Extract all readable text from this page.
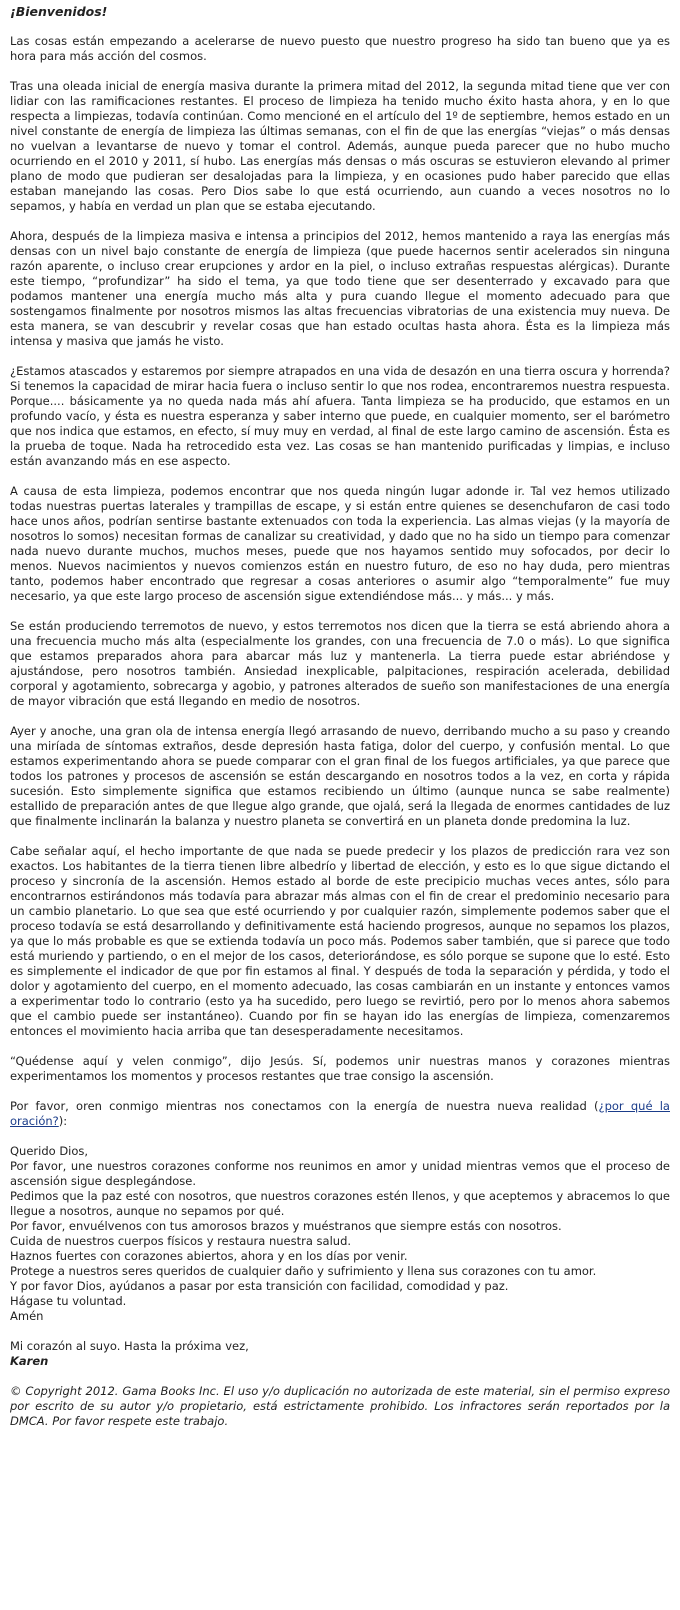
¡Bienvenidos!

Las cosas están empezando a acelerarse de nuevo puesto que nuestro progreso ha sido tan bueno que ya es hora para más acción del cosmos.

Tras una oleada inicial de energía masiva durante la primera mitad del 2012, la segunda mitad tiene que ver con lidiar con las ramificaciones restantes. El proceso de limpieza ha tenido mucho éxito hasta ahora, y en lo que respecta a limpiezas, todavía continúan. Como mencioné en el artículo del 1º de septiembre, hemos estado en un nivel constante de energía de limpieza las últimas semanas, con el fin de que las energías “viejas” o más densas no vuelvan a levantarse de nuevo y tomar el control. Además, aunque pueda parecer que no hubo mucho ocurriendo en el 2010 y 2011, sí hubo. Las energías más densas o más oscuras se estuvieron elevando al primer plano de modo que pudieran ser desalojadas para la limpieza, y en ocasiones pudo haber parecido que ellas estaban manejando las cosas. Pero Dios sabe lo que está ocurriendo, aun cuando a veces nosotros no lo sepamos, y había en verdad un plan que se estaba ejecutando.

Ahora, después de la limpieza masiva e intensa a principios del 2012, hemos mantenido a raya las energías más densas con un nivel bajo constante de energía de limpieza (que puede hacernos sentir acelerados sin ninguna razón aparente, o incluso crear erupciones y ardor en la piel, o incluso extrañas respuestas alérgicas). Durante este tiempo, “profundizar” ha sido el tema, ya que todo tiene que ser desenterrado y excavado para que podamos mantener una energía mucho más alta y pura cuando llegue el momento adecuado para que sostengamos finalmente por nosotros mismos las altas frecuencias vibratorias de una existencia muy nueva. De esta manera, se van descubrir y revelar cosas que han estado ocultas hasta ahora. Ésta es la limpieza más intensa y masiva que jamás he visto.

¿Estamos atascados y estaremos por siempre atrapados en una vida de desazón en una tierra oscura y horrenda? Si tenemos la capacidad de mirar hacia fuera o incluso sentir lo que nos rodea, encontraremos nuestra respuesta. Porque.... básicamente ya no queda nada más ahí afuera. Tanta limpieza se ha producido, que estamos en un profundo vacío, y ésta es nuestra esperanza y saber interno que puede, en cualquier momento, ser el barómetro que nos indica que estamos, en efecto, sí muy muy en verdad, al final de este largo camino de ascensión. Ésta es la prueba de toque. Nada ha retrocedido esta vez. Las cosas se han mantenido purificadas y limpias, e incluso están avanzando más en ese aspecto.

A causa de esta limpieza, podemos encontrar que nos queda ningún lugar adonde ir. Tal vez hemos utilizado todas nuestras puertas laterales y trampillas de escape, y si están entre quienes se desenchufaron de casi todo hace unos años, podrían sentirse bastante extenuados con toda la experiencia. Las almas viejas (y la mayoría de nosotros lo somos) necesitan formas de canalizar su creatividad, y dado que no ha sido un tiempo para comenzar nada nuevo durante muchos, muchos meses, puede que nos hayamos sentido muy sofocados, por decir lo menos. Nuevos nacimientos y nuevos comienzos están en nuestro futuro, de eso no hay duda, pero mientras tanto, podemos haber encontrado que regresar a cosas anteriores o asumir algo “temporalmente” fue muy necesario, ya que este largo proceso de ascensión sigue extendiéndose más... y más... y más.

Se están produciendo terremotos de nuevo, y estos terremotos nos dicen que la tierra se está abriendo ahora a una frecuencia mucho más alta (especialmente los grandes, con una frecuencia de 7.0 o más). Lo que significa que estamos preparados ahora para abarcar más luz y mantenerla. La tierra puede estar abriéndose y ajustándose, pero nosotros también. Ansiedad inexplicable, palpitaciones, respiración acelerada, debilidad corporal y agotamiento, sobrecarga y agobio, y patrones alterados de sueño son manifestaciones de una energía de mayor vibración que está llegando en medio de nosotros.

Ayer y anoche, una gran ola de intensa energía llegó arrasando de nuevo, derribando mucho a su paso y creando una miríada de síntomas extraños, desde depresión hasta fatiga, dolor del cuerpo, y confusión mental. Lo que estamos experimentando ahora se puede comparar con el gran final de los fuegos artificiales, ya que parece que todos los patrones y procesos de ascensión se están descargando en nosotros todos a la vez, en corta y rápida sucesión. Esto simplemente significa que estamos recibiendo un último (aunque nunca se sabe realmente) estallido de preparación antes de que llegue algo grande, que ojalá, será la llegada de enormes cantidades de luz que finalmente inclinarán la balanza y nuestro planeta se convertirá en un planeta donde predomina la luz.

Cabe señalar aquí, el hecho importante de que nada se puede predecir y los plazos de predicción rara vez son exactos. Los habitantes de la tierra tienen libre albedrío y libertad de elección, y esto es lo que sigue dictando el proceso y sincronía de la ascensión. Hemos estado al borde de este precipicio muchas veces antes, sólo para encontrarnos estirándonos más todavía para abrazar más almas con el fin de crear el predominio necesario para un cambio planetario. Lo que sea que esté ocurriendo y por cualquier razón, simplemente podemos saber que el proceso todavía se está desarrollando y definitivamente está haciendo progresos, aunque no sepamos los plazos, ya que lo más probable es que se extienda todavía un poco más. Podemos saber también, que si parece que todo está muriendo y partiendo, o en el mejor de los casos, deteriorándose, es sólo porque se supone que lo esté. Esto es simplemente el indicador de que por fin estamos al final. Y después de toda la separación y pérdida, y todo el dolor y agotamiento del cuerpo, en el momento adecuado, las cosas cambiarán en un instante y entonces vamos a experimentar todo lo contrario (esto ya ha sucedido, pero luego se revirtió, pero por lo menos ahora sabemos que el cambio puede ser instantáneo). Cuando por fin se hayan ido las energías de limpieza, comenzaremos entonces el movimiento hacia arriba que tan desesperadamente necesitamos.

“Quédense aquí y velen conmigo”, dijo Jesús. Sí, podemos unir nuestras manos y corazones mientras experimentamos los momentos y procesos restantes que trae consigo la ascensión.

Por favor, oren conmigo mientras nos conectamos con la energía de nuestra nueva realidad (¿por qué la oración?):

Querido Dios,
Por favor, une nuestros corazones conforme nos reunimos en amor y unidad mientras vemos que el proceso de ascensión sigue desplegándose.
Pedimos que la paz esté con nosotros, que nuestros corazones estén llenos, y que aceptemos y abracemos lo que llegue a nosotros, aunque no sepamos por qué.
Por favor, envuélvenos con tus amorosos brazos y muéstranos que siempre estás con nosotros.
Cuida de nuestros cuerpos físicos y restaura nuestra salud.
Haznos fuertes con corazones abiertos, ahora y en los días por venir.
Protege a nuestros seres queridos de cualquier daño y sufrimiento y llena sus corazones con tu amor.
Y por favor Dios, ayúdanos a pasar por esta transición con facilidad, comodidad y paz.
Hágase tu voluntad.
Amén

Mi corazón al suyo. Hasta la próxima vez,
Karen

© Copyright 2012. Gama Books Inc. El uso y/o duplicación no autorizada de este material, sin el permiso expreso por escrito de su autor y/o propietario, está estrictamente prohibido. Los infractores serán reportados por la DMCA. Por favor respete este trabajo.
